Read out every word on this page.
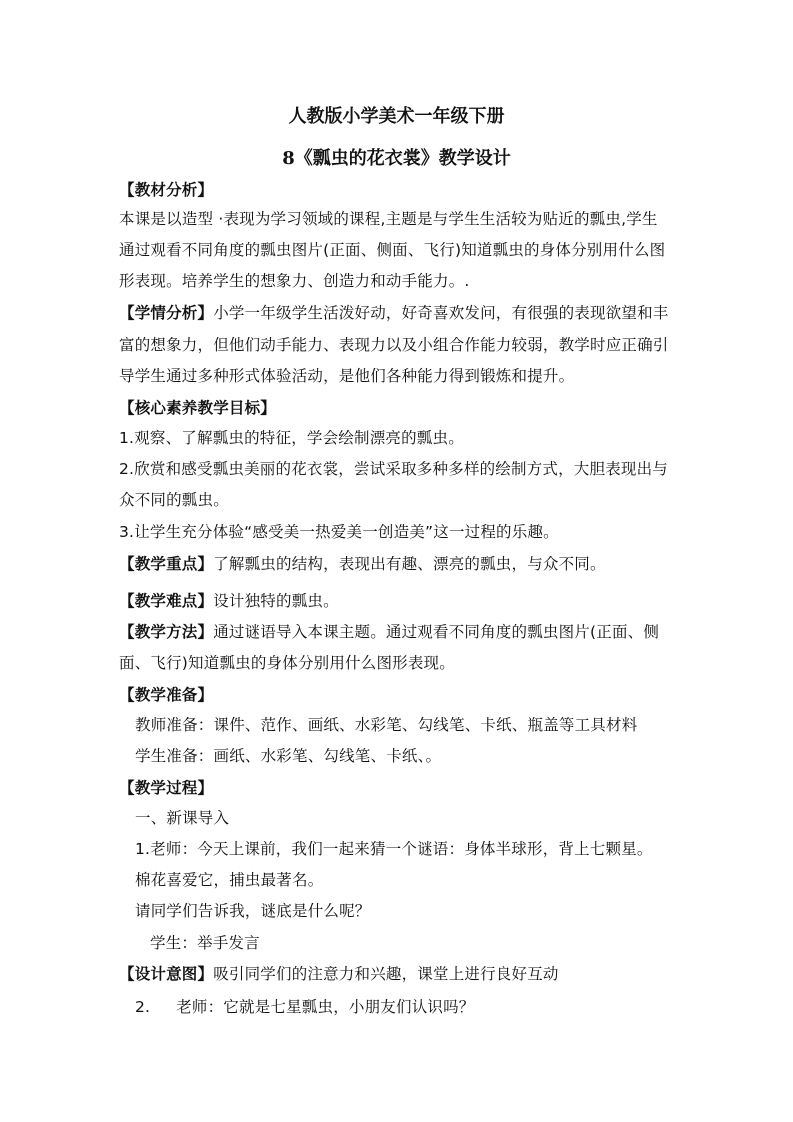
人教版小学美术一年级下册
8《瓢虫的花衣裳》教学设计
【教材分析】
本课是以造型 ·表现为学习领域的课程,主题是与学生生活较为贴近的瓢虫,学生
通过观看不同角度的瓢虫图片(正面、侧面、飞行)知道瓢虫的身体分别用什么图
形表现。培养学生的想象力、创造力和动手能力。.
【学情分析】小学一年级学生活泼好动，好奇喜欢发问，有很强的表现欲望和丰
富的想象力，但他们动手能力、表现力以及小组合作能力较弱，教学时应正确引
导学生通过多种形式体验活动，是他们各种能力得到锻炼和提升。
【核心素养教学目标】
1.观察、了解瓢虫的特征，学会绘制漂亮的瓢虫。
2.欣赏和感受瓢虫美丽的花衣裳，尝试采取多种多样的绘制方式，大胆表现出与
众不同的瓢虫。
3.让学生充分体验“感受美一热爱美一创造美”这一过程的乐趣。
【教学重点】了解瓢虫的结构，表现出有趣、漂亮的瓢虫，与众不同。
【教学难点】设计独特的瓢虫。
【教学方法】通过谜语导入本课主题。通过观看不同角度的瓢虫图片(正面、侧
面、飞行)知道瓢虫的身体分别用什么图形表现。
【教学准备】
教师准备：课件、范作、画纸、水彩笔、勾线笔、卡纸、瓶盖等工具材料
学生准备：画纸、水彩笔、勾线笔、卡纸、。
【教学过程】
一、新课导入
1.老师：今天上课前，我们一起来猜一个谜语：身体半球形，背上七颗星。
棉花喜爱它，捕虫最著名。
请同学们告诉我，谜底是什么呢？
学生：举手发言
【设计意图】吸引同学们的注意力和兴趣，课堂上进行良好互动
2. 老师：它就是七星瓢虫，小朋友们认识吗？
